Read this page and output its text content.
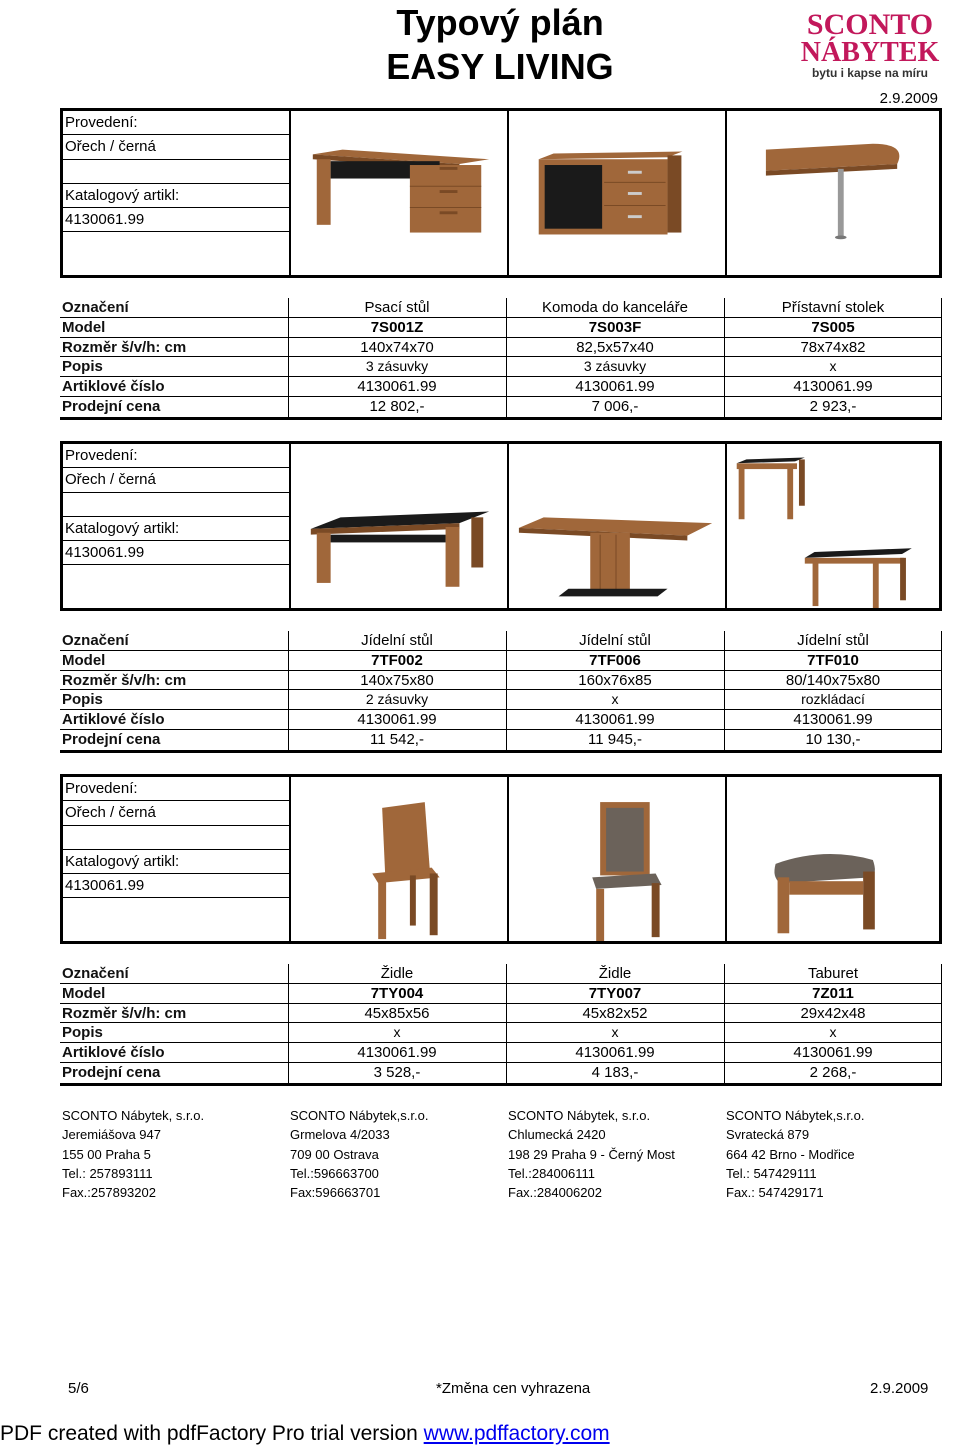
Typový plán
EASY LIVING
SCONTO
NÁBYTEK
bytu i kapse na míru
2.9.2009
Provedení:
Ořech / černá
Katalogový artikl:
4130061.99
Označení	Psací stůl	Komoda do kanceláře	Přístavní stolek
Model	7S001Z	7S003F	7S005
Rozměr š/v/h: cm	140x74x70	82,5x57x40	78x74x82
Popis	3 zásuvky	3 zásuvky	x
Artiklové číslo	4130061.99	4130061.99	4130061.99
Prodejní cena	12 802,-	7 006,-	2 923,-
Provedení:
Ořech / černá
Katalogový artikl:
4130061.99
Označení	Jídelní stůl	Jídelní stůl	Jídelní stůl
Model	7TF002	7TF006	7TF010
Rozměr š/v/h: cm	140x75x80	160x76x85	80/140x75x80
Popis	2 zásuvky	x	rozkládací
Artiklové číslo	4130061.99	4130061.99	4130061.99
Prodejní cena	11 542,-	11 945,-	10 130,-
Provedení:
Ořech / černá
Katalogový artikl:
4130061.99
Označení	Židle	Židle	Taburet
Model	7TY004	7TY007	7Z011
Rozměr š/v/h: cm	45x85x56	45x82x52	29x42x48
Popis	x	x	x
Artiklové číslo	4130061.99	4130061.99	4130061.99
Prodejní cena	3 528,-	4 183,-	2 268,-
SCONTO Nábytek, s.r.o.
Jeremiášova 947
155 00 Praha 5
Tel.: 257893111
Fax.:257893202
SCONTO Nábytek,s.r.o.
Grmelova 4/2033
709 00 Ostrava
Tel.:596663700
Fax:596663701
SCONTO Nábytek, s.r.o.
Chlumecká 2420
198 29 Praha 9 - Černý Most
Tel.:284006111
Fax.:284006202
SCONTO Nábytek,s.r.o.
Svratecká 879
664 42 Brno - Modřice
Tel.: 547429111
Fax.: 547429171
5/6	*Změna cen vyhrazena	2.9.2009
PDF created with pdfFactory Pro trial version www.pdffactory.com
